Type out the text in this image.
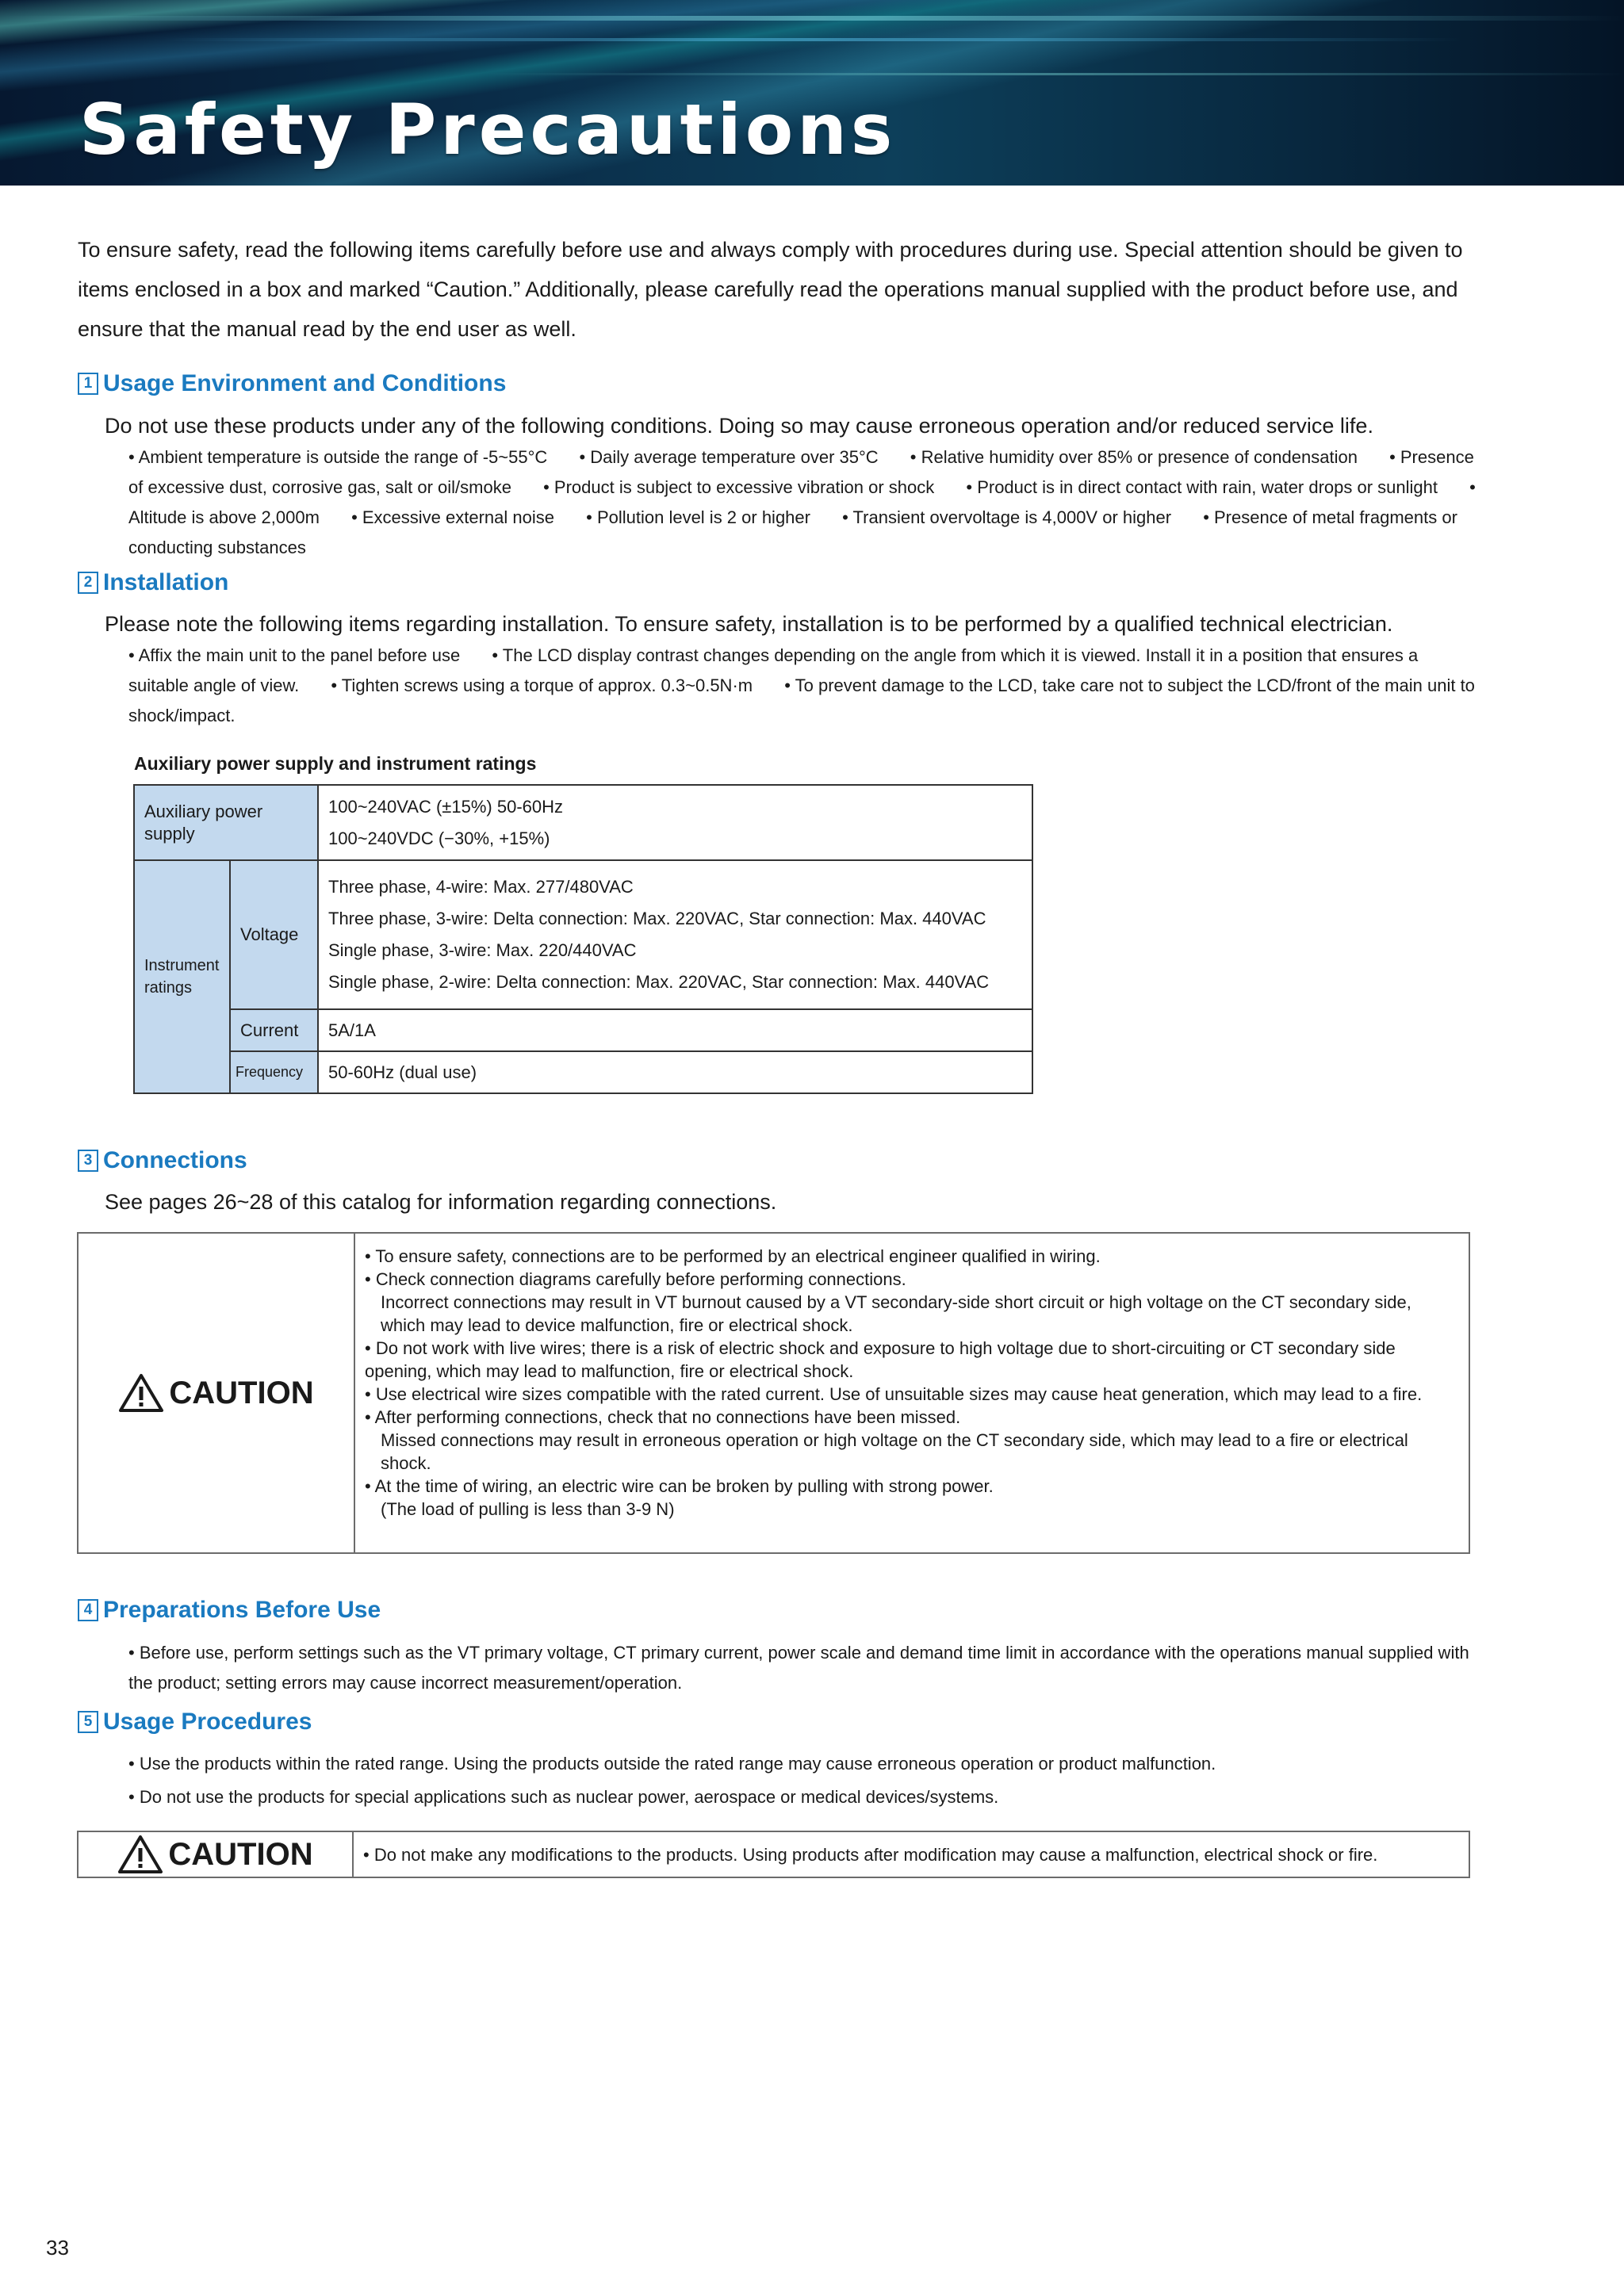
Safety Precautions

To ensure safety, read the following items carefully before use and always comply with procedures during use. Special attention should be given to items enclosed in a box and marked “Caution.” Additionally, please carefully read the operations manual supplied with the product before use, and ensure that the manual read by the end user as well.

1 Usage Environment and Conditions

Do not use these products under any of the following conditions. Doing so may cause erroneous operation and/or reduced service life.

• Ambient temperature is outside the range of -5~55°C • Daily average temperature over 35°C • Relative humidity over 85% or presence of condensation • Presence of excessive dust, corrosive gas, salt or oil/smoke • Product is subject to excessive vibration or shock • Product is in direct contact with rain, water drops or sunlight • Altitude is above 2,000m • Excessive external noise • Pollution level is 2 or higher • Transient overvoltage is 4,000V or higher • Presence of metal fragments or conducting substances

2 Installation

Please note the following items regarding installation. To ensure safety, installation is to be performed by a qualified technical electrician.

• Affix the main unit to the panel before use • The LCD display contrast changes depending on the angle from which it is viewed. Install it in a position that ensures a suitable angle of view. • Tighten screws using a torque of approx. 0.3~0.5N·m • To prevent damage to the LCD, take care not to subject the LCD/front of the main unit to shock/impact.

Auxiliary power supply and instrument ratings

Auxiliary power supply		100~240VAC (±15%) 50-60Hz
100~240VDC (−30%, +15%)

Instrument ratings	Voltage	Three phase, 4-wire: Max. 277/480VAC
Three phase, 3-wire: Delta connection: Max. 220VAC, Star connection: Max. 440VAC
Single phase, 3-wire: Max. 220/440VAC
Single phase, 2-wire: Delta connection: Max. 220VAC, Star connection: Max. 440VAC

	Current	5A/1A
	Frequency	50-60Hz (dual use)
3 Connections

See pages 26~28 of this catalog for information regarding connections.

CAUTION
• To ensure safety, connections are to be performed by an electrical engineer qualified in wiring.
• Check connection diagrams carefully before performing connections.
Incorrect connections may result in VT burnout caused by a VT secondary-side short circuit or high voltage on the CT secondary side, which may lead to device malfunction, fire or electrical shock.
• Do not work with live wires; there is a risk of electric shock and exposure to high voltage due to short-circuiting or CT secondary side opening, which may lead to malfunction, fire or electrical shock.
• Use electrical wire sizes compatible with the rated current. Use of unsuitable sizes may cause heat generation, which may lead to a fire.
• After performing connections, check that no connections have been missed.
Missed connections may result in erroneous operation or high voltage on the CT secondary side, which may lead to a fire or electrical shock.
• At the time of wiring, an electric wire can be broken by pulling with strong power.
(The load of pulling is less than 3-9 N)
4 Preparations Before Use

• Before use, perform settings such as the VT primary voltage, CT primary current, power scale and demand time limit in accordance with the operations manual supplied with the product; setting errors may cause incorrect measurement/operation.

5 Usage Procedures

• Use the products within the rated range. Using the products outside the rated range may cause erroneous operation or product malfunction.

• Do not use the products for special applications such as nuclear power, aerospace or medical devices/systems.

CAUTION	• Do not make any modifications to the products. Using products after modification may cause a malfunction, electrical shock or fire.

33
